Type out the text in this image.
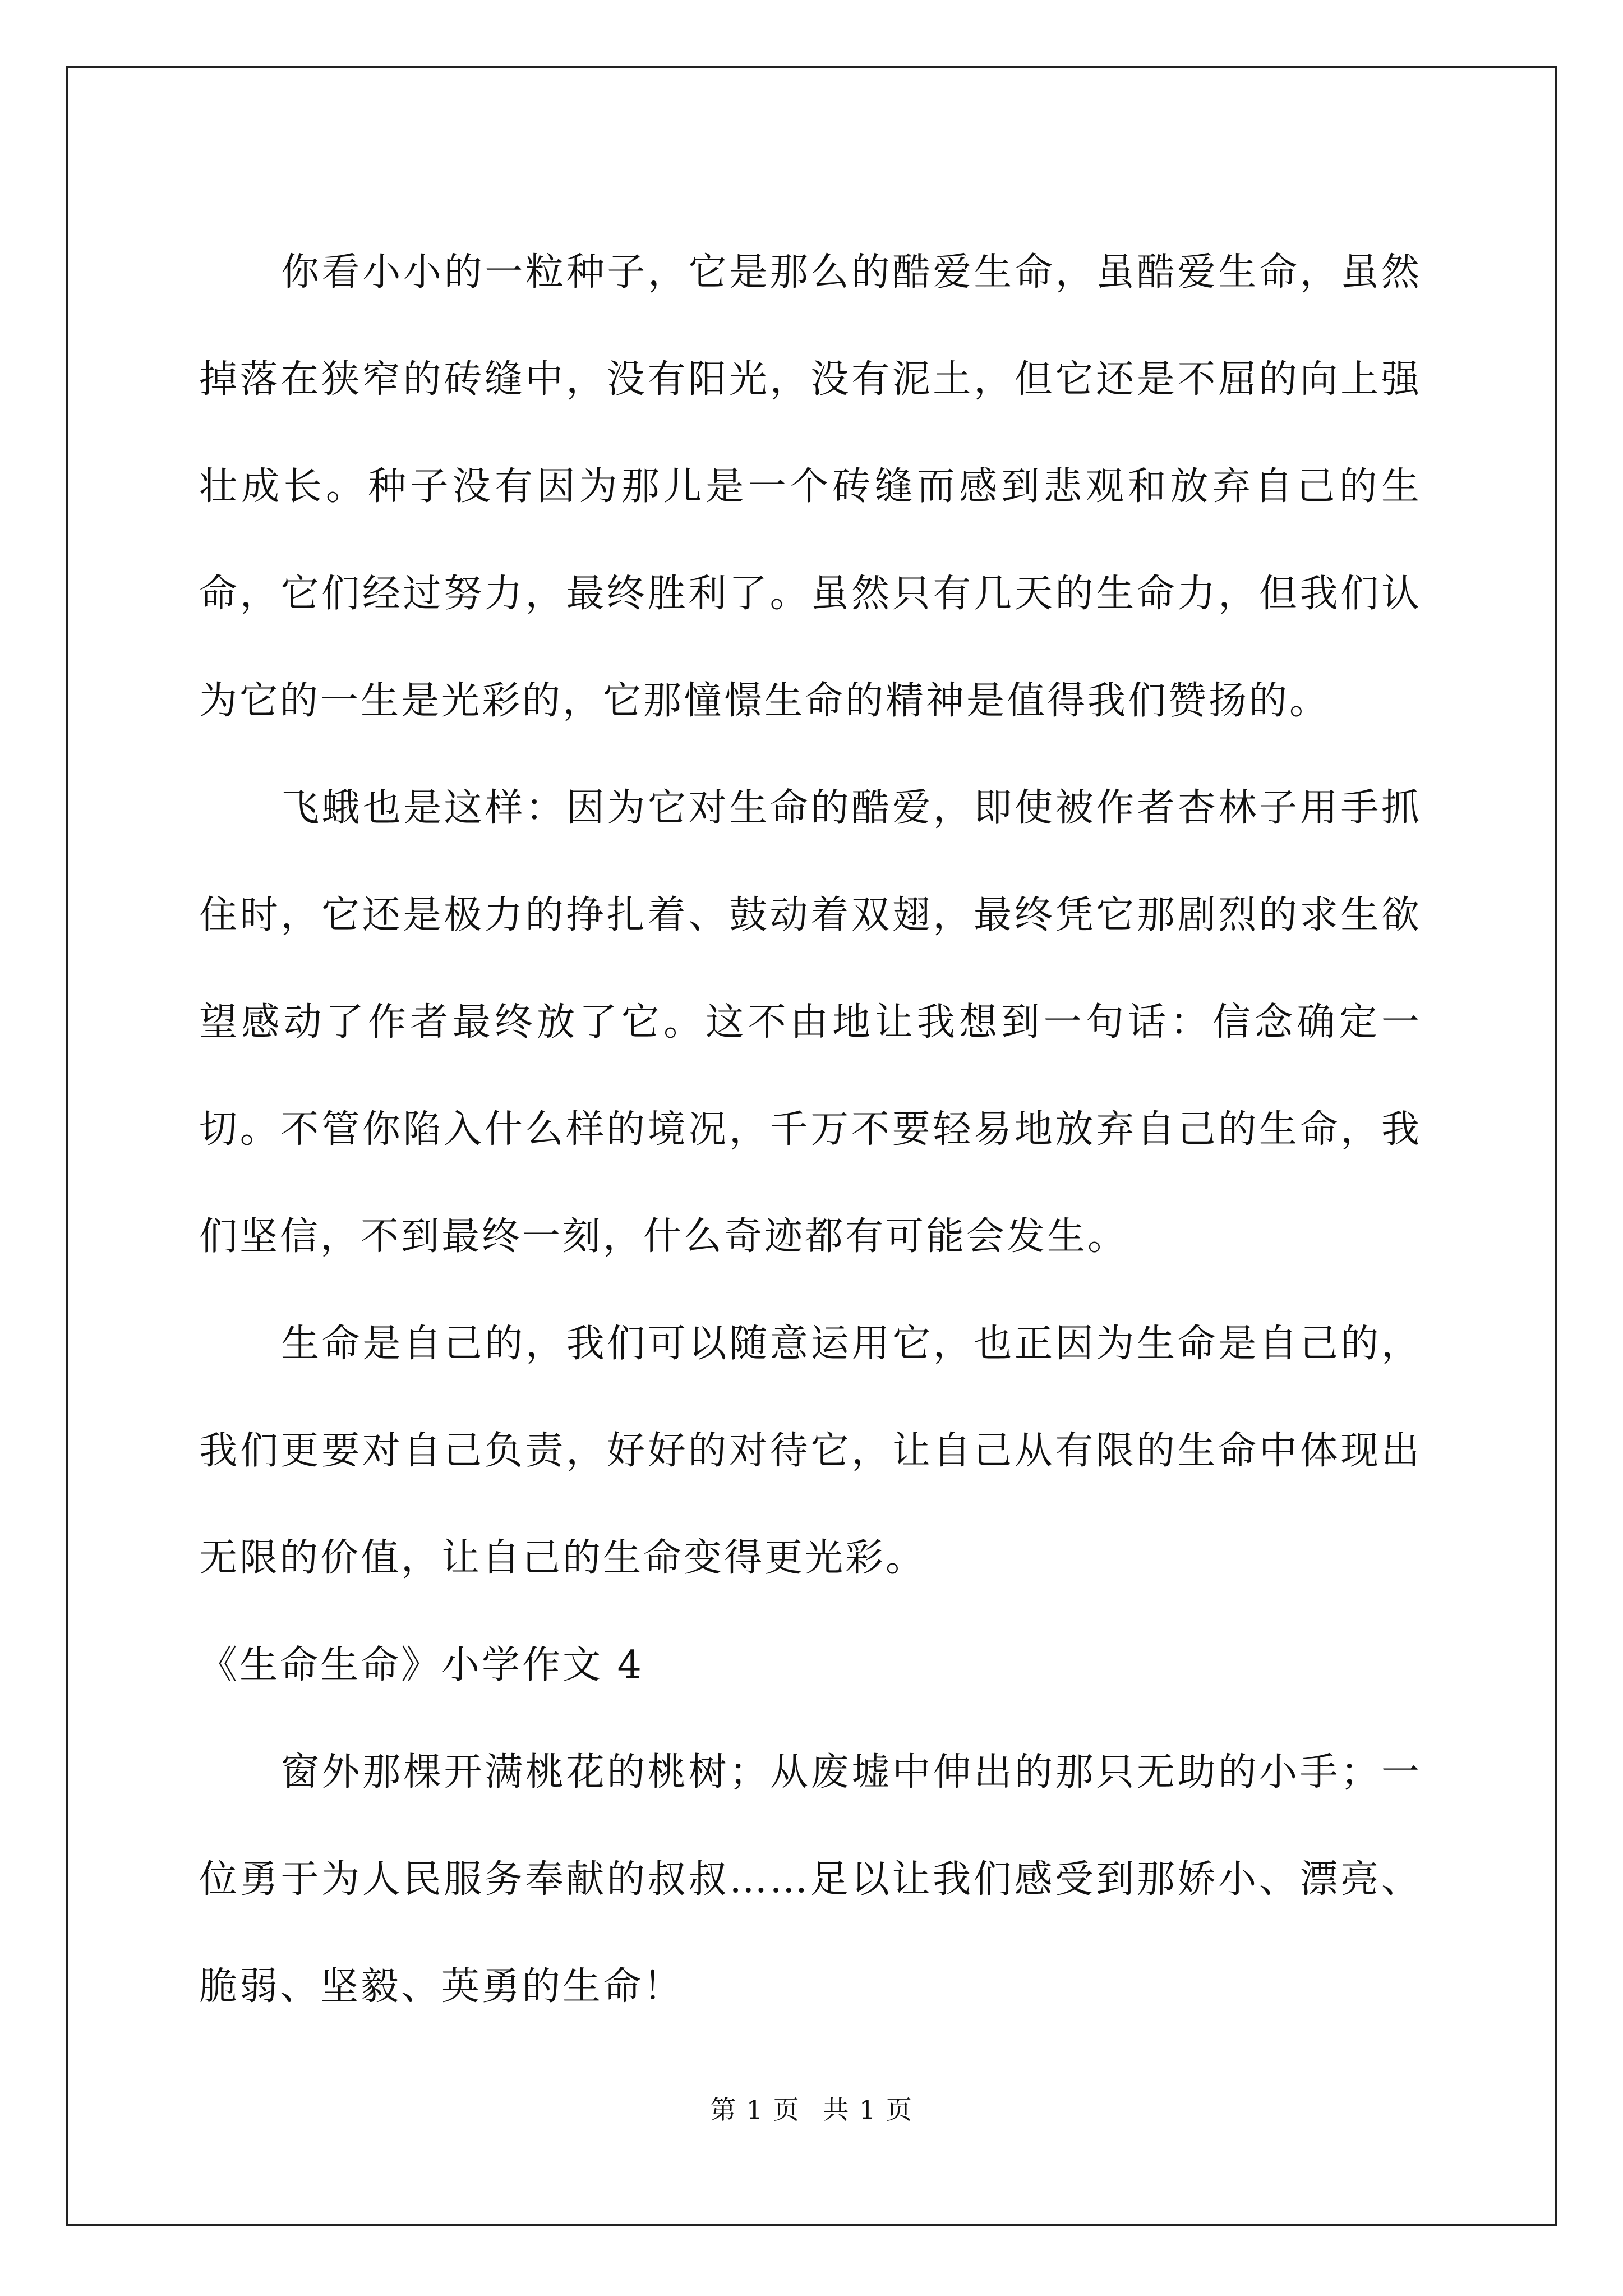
你看小小的一粒种子，它是那么的酷爱生命，虽酷爱生命，虽然掉落在狭窄的砖缝中，没有阳光，没有泥土，但它还是不屈的向上强壮成长。种子没有因为那儿是一个砖缝而感到悲观和放弃自己的生命，它们经过努力，最终胜利了。虽然只有几天的生命力，但我们认为它的一生是光彩的，它那憧憬生命的精神是值得我们赞扬的。

飞蛾也是这样：因为它对生命的酷爱，即使被作者杏林子用手抓住时，它还是极力的挣扎着、鼓动着双翅，最终凭它那剧烈的求生欲望感动了作者最终放了它。这不由地让我想到一句话：信念确定一切。不管你陷入什么样的境况，千万不要轻易地放弃自己的生命，我们坚信，不到最终一刻，什么奇迹都有可能会发生。

生命是自己的，我们可以随意运用它，也正因为生命是自己的，我们更要对自己负责，好好的对待它，让自己从有限的生命中体现出无限的价值，让自己的生命变得更光彩。

《生命生命》小学作文 4

窗外那棵开满桃花的桃树；从废墟中伸出的那只无助的小手；一位勇于为人民服务奉献的叔叔……足以让我们感受到那娇小、漂亮、脆弱、坚毅、英勇的生命！

第 1 页 共 1 页
